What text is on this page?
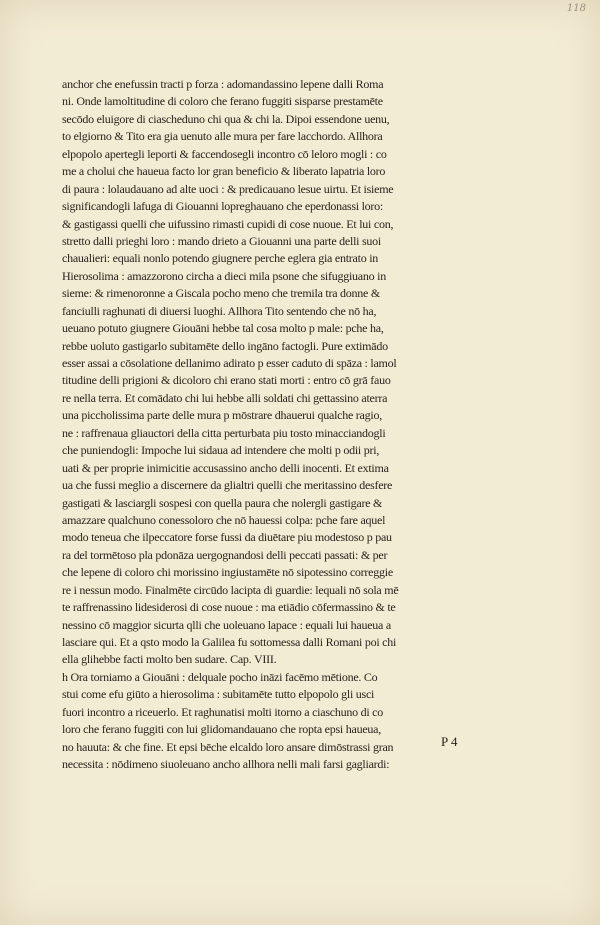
118
anchor che enefussin tracti p forza : adomandassino lepene dalli Roma
ni. Onde lamoltitudine di coloro che ferano fuggiti sisparse prestamēte
secōdo eluigore di ciascheduno chi qua & chi la. Dipoi essendone uenu,
to elgiorno & Tito era gia uenuto alle mura per fare lacchordo. Allhora
elpopolo apertegli leporti & faccendosegli incontro cō leloro mogli : co
me a cholui che haueua facto lor gran beneficio & liberato lapatria loro
di paura : lolaudauano ad alte uoci : & predicauano lesue uirtu. Et isieme
significandogli lafuga di Giouanni lopreghauano che eperdonassi loro:
& gastigassi quelli che uifussino rimasti cupidi di cose nuoue. Et lui con,
stretto dalli prieghi loro : mando drieto a Giouanni una parte delli suoi
chaualieri: equali nonlo potendo giugnere perche eglera gia entrato in
Hierosolima : amazzorono circha a dieci mila psone che sifuggiuano in
sieme: & rimenoronne a Giscala pocho meno che tremila tra donne &
fanciulli raghunati di diuersi luoghi. Allhora Tito sentendo che nō ha,
ueuano potuto giugnere Giouāni hebbe tal cosa molto p male: pche ha,
rebbe uoluto gastigarlo subitamēte dello ingāno factogli. Pure extimādo
esser assai a cōsolatione dellanimo adirato p esser caduto di spāza : lamol
titudine delli prigioni & dicoloro chi erano stati morti : entro cō grā fauo
re nella terra. Et comādato chi lui hebbe alli soldati chi gettassino aterra
una piccholissima parte delle mura p mōstrare dhauerui qualche ragio,
ne : raffrenaua gliauctori della citta perturbata piu tosto minacciandogli
che puniendogli: Impoche lui sidaua ad intendere che molti p odii pri,
uati & per proprie inimicitie accusassino ancho delli inocenti. Et extima
ua che fussi meglio a discernere da glialtri quelli che meritassino desfere
gastigati & lasciargli sospesi con quella paura che nolergli gastigare &
amazzare qualchuno conessoloro che nō hauessi colpa: pche fare aquel
modo teneua che ilpeccatore forse fussi da diuētare piu modestoso p pau
ra del tormētoso pla pdonāza uergognandosi delli peccati passati: & per
che lepene di coloro chi morissino ingiustamēte nō sipotessino correggie
re i nessun modo. Finalmēte circūdo lacipta di guardie: lequali nō sola mē
te raffrenassino lidesiderosi di cose nuoue : ma etiādio cōfermassino & te
nessino cō maggior sicurta qlli che uoleuano lapace : equali lui haueua a
lasciare qui. Et a qsto modo la Galilea fu sottomessa dalli Romani poi chi
ella glihebbe facti molto ben sudare. Cap. VIII.
h Ora torniamo a Giouāni : delquale pocho ināzi facēmo mētione. Co
stui come efu giūto a hierosolima : subitamēte tutto elpopolo gli usci
fuori incontro a riceuerlo. Et raghunatisi molti itorno a ciaschuno di co
loro che ferano fuggiti con lui glidomandauano che ropta epsi haueua,
no hauuta: & che fine. Et epsi bēche elcaldo loro ansare dimōstrassi gran
necessita : nōdimeno siuoleuano ancho allhora nelli mali farsi gagliardi:
P 4
